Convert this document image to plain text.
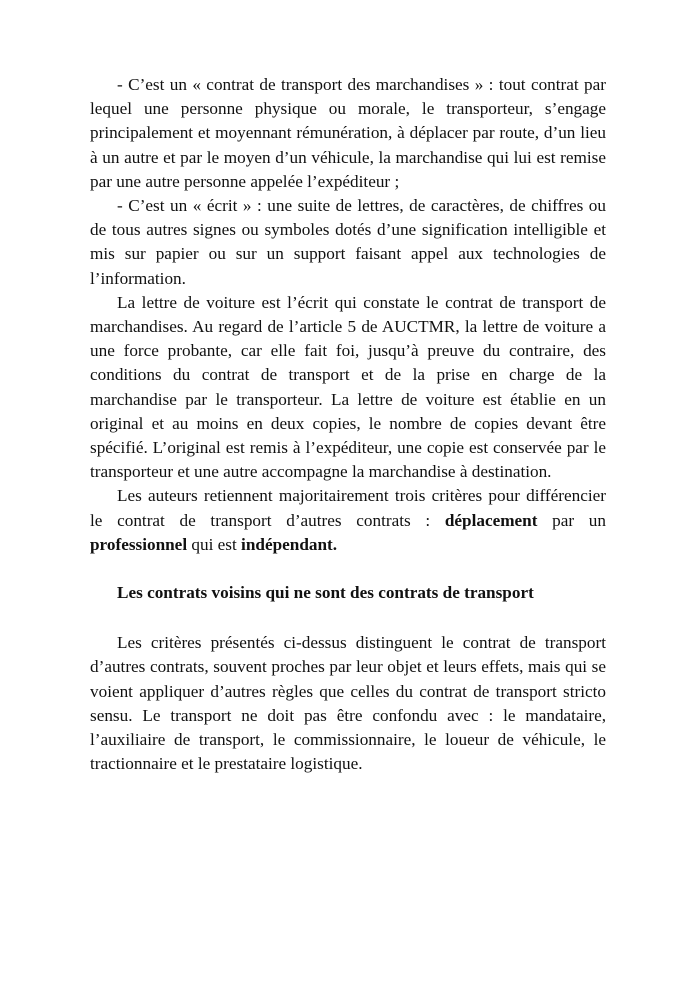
- C’est un « contrat de transport des marchandises » : tout contrat par lequel une personne physique ou morale, le transporteur, s’engage principalement et moyennant rémunération, à déplacer par route, d’un lieu à un autre et par le moyen d’un véhicule, la marchandise qui lui est remise par une autre personne appelée l’expéditeur ;

- C’est un « écrit » : une suite de lettres, de caractères, de chiffres ou de tous autres signes ou symboles dotés d’une signification intelligible et mis sur papier ou sur un support faisant appel aux technologies de l’information.

La lettre de voiture est l’écrit qui constate le contrat de transport de marchandises. Au regard de l’article 5 de AUCTMR, la lettre de voiture a une force probante, car elle fait foi, jusqu’à preuve du contraire, des conditions du contrat de transport et de la prise en charge de la marchandise par le transporteur. La lettre de voiture est établie en un original et au moins en deux copies, le nombre de copies devant être spécifié. L’original est remis à l’expéditeur, une copie est conservée par le transporteur et une autre accompagne la marchandise à destination.

Les auteurs retiennent majoritairement trois critères pour différencier le contrat de transport d’autres contrats : déplacement par un professionnel qui est indépendant.

Les contrats voisins qui ne sont des contrats de transport

Les critères présentés ci-dessus distinguent le contrat de transport d’autres contrats, souvent proches par leur objet et leurs effets, mais qui se voient appliquer d’autres règles que celles du contrat de transport stricto sensu. Le transport ne doit pas être confondu avec : le mandataire, l’auxiliaire de transport, le commissionnaire, le loueur de véhicule, le tractionnaire et le prestataire logistique.
